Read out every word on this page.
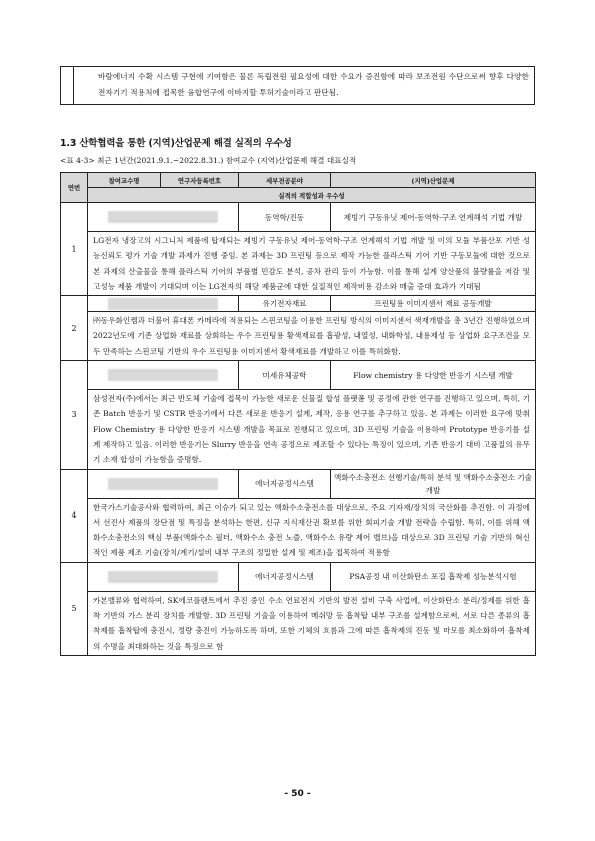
	바람에너지 수확 시스템 구현에 기여함은 물론 독립전원 필요성에 대한 수요가 증진함에 따라 보조전원 수단으로써 향후 다양한 전자기기 적용처에 접목한 융합연구에 이바지할 투허기술이라고 판단됨.
1.3 산학협력을 통한 (지역)산업문제 해결 실적의 우수성
<표 4-3> 최근 1년간(2021.9.1.~2022.8.31.) 참여교수 (지역)산업문제 해결 대표실적
연번	참여교수명	연구자등록번호	세부전공분야	(지역)산업문제
	실적의 적합성과 우수성			
1			동역학/진동	제빙기 구동유닛 제어-동역학-구조 연계해석 기법 개발
	LG전자 냉장고의 시그니처 제품에 탑재되는 제빙기 구동유닛 제어-동역학-구조 연계해석 기법 개발 및 이의 모듈 부품산포 기반 성능신뢰도 평가 기술 개발 과제가 진행 중임. 본 과제는 3D 프린팅 등으로 제작 가능한 플라스틱 기어 기반 구동모듈에 대한 것으로 본 과제의 산출물을 통해 플라스틱 기어의 부품별 민감도 분석, 공차 관리 등이 가능함. 이를 통해 설계 양산품의 불량률을 저감 및 고성능 제품 개발이 기대되며 이는 LG전자의 해당 제품군에 대한 실질적인 제작비용 감소와 매출 증대 효과가 기대됨			
2			유기전자재료	프린팅용 이미지센서 재료 공동개발
	㈜동우화인켐과 더불어 휴대폰 카메라에 적용되는 스핀코팅을 이용한 프린팅 방식의 이미지센서 색재개발을 총 3년간 진행하였으며 2022년도에 기존 상업화 재료를 상회하는 우수 프린팅용 황색재료를 흡광성, 내열성, 내화학성, 내용제성 등 상업화 요구조건을 모두 만족하는 스핀코팅 기반의 우수 프린팅용 이미지센서 황색재료를 개발하고 이를 특허화함.			
3			미세유체공학	Flow chemistry 용 다양한 반응기 시스템 개발
	삼성전자(주)에서는 최근 반도체 기술에 접목이 가능한 새로운 신물질 합성 플랫폼 및 공정에 관한 연구를 진행하고 있으며, 특히, 기존 Batch 반응기 및 CSTR 반응기에서 다른 새로운 반응기 설계, 제작, 응용 연구를 추구하고 있음. 본 과제는 이러한 요구에 맞춰 Flow Chemistry 용 다양한 반응기 시스템 개발을 목표로 진행되고 있으며, 3D 프린팅 기술을 이용하여 Prototype 반응기를 설계 제작하고 있음. 이러한 반응기는 Slurry 반응을 연속 공정으로 제조할 수 있다는 특징이 있으며, 기존 반응기 대비 고품질의 유무기 소재 합성이 가능함을 증명함.			
4			에너지공정시스템	액화수소충전소 선행기술/특허 분석 및 액화수소충전소 기술 개발
	한국가스기술공사와 협력하여, 최근 이슈가 되고 있는 액화수소충전소를 대상으로, 주요 기자재/장치의 국산화를 추진함. 이 과정에서 선진사 제품의 장단점 및 특징을 분석하는 한편, 신규 지식재산권 확보를 위한 회피기술 개발 전략을 수립함. 특히, 이를 위해 액화수소충전소의 핵심 부품(액화수소 필터, 액화수소 충전 노즐, 액화수소 유량 제어 밸브)을 대상으로 3D 프린팅 기술 기반의 혁신적인 제품 제조 기술(장치/계기/설비 내부 구조의 정밀한 설계 및 제조)을 접목하여 적용함			
5			에너지공정시스템	PSA공정 내 이산화탄소 포집 흡착제 성능분석시험
	카본밸류와 협력하여, SK에코플랜트에서 추진 중인 수소 연료전지 기반의 발전 설비 구축 사업에, 이산화탄소 분리/정제를 위한 흡착 기반의 가스 분리 장치를 개발함. 3D 프린팅 기술을 이용하여 메쉬망 등 흡착탑 내부 구조를 설계함으로써, 서로 다른 종류의 흡착제를 흡착탑에 충진시, 정량 충진이 가능하도록 하며, 또한 기체의 흐름과 그에 따른 흡착제의 진동 및 마모를 최소화하여 흡착제의 수명을 최대화하는 것을 특징으로 함			
- 50 -
